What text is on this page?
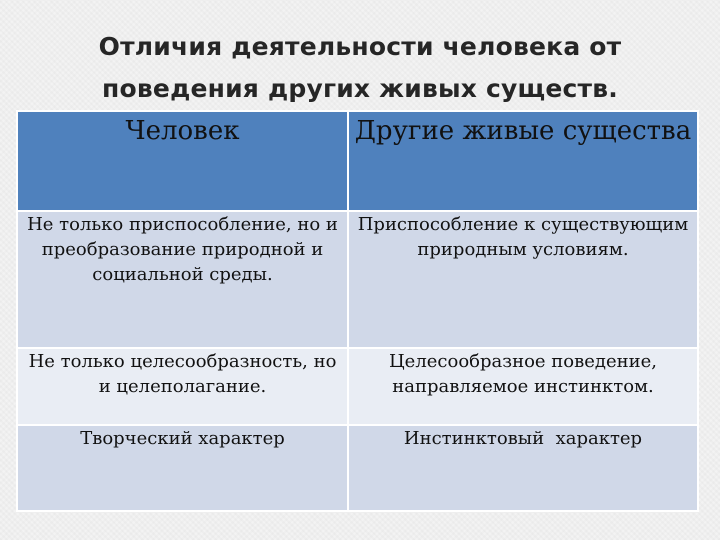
Отличия деятельности человека от
поведения других живых существ.
Человек	Другие живые существа
Не только приспособление, но и преобразование природной и социальной среды.	Приспособление к существующим природным условиям.
Не только целесообразность, но и целеполагание.	Целесообразное поведение, направляемое инстинктом.
Творческий характер	Инстинктовый  характер
